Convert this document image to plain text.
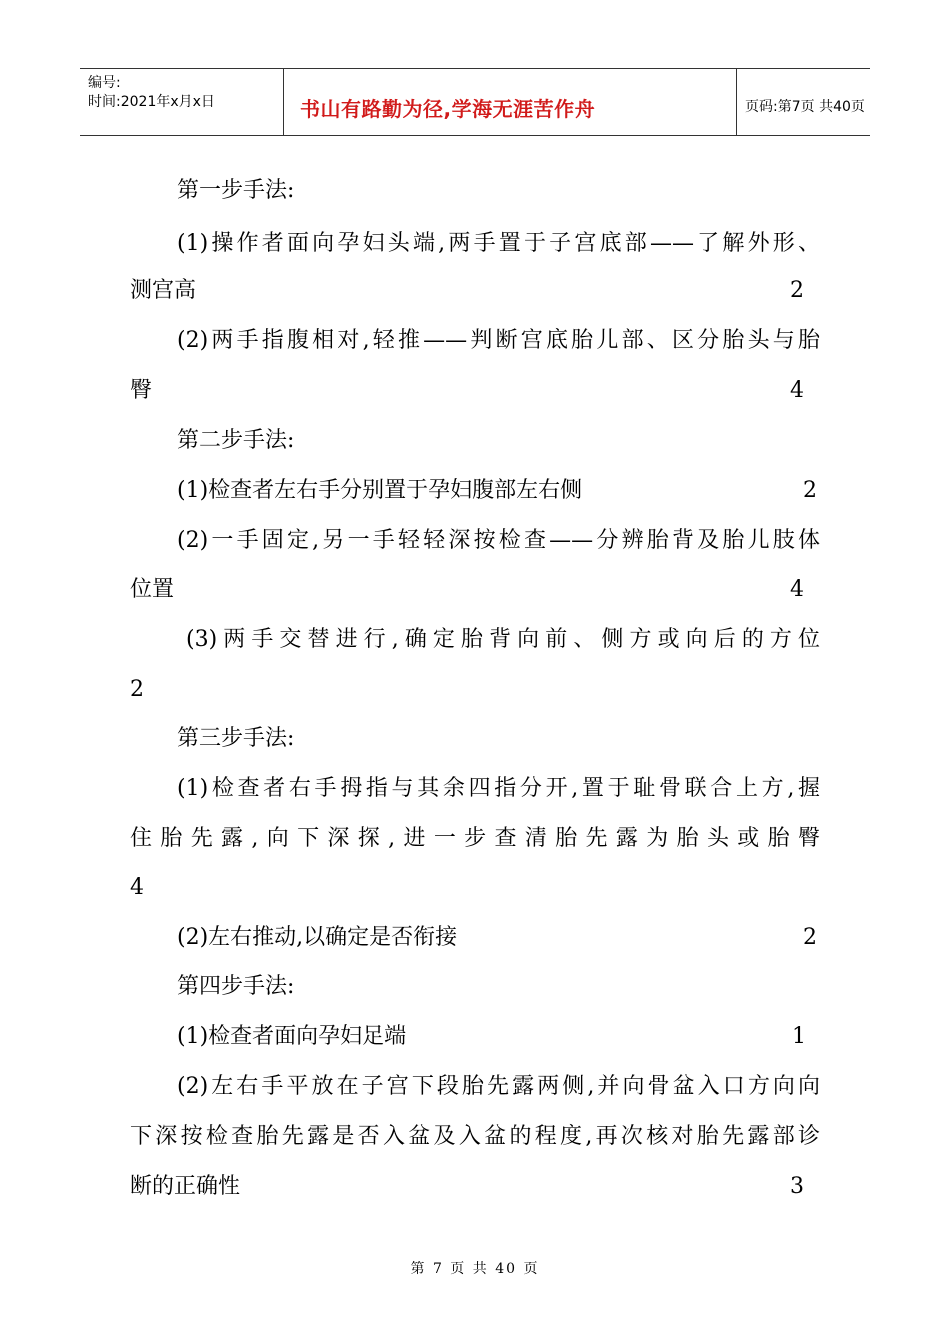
编号:
时间:2021年x月x日	书山有路勤为径,学海无涯苦作舟	页码:第7页 共40页
第一步手法:
(1)操作者面向孕妇头端,两手置于子宫底部——了解外形、
测宫高	2
(2)两手指腹相对,轻推——判断宫底胎儿部、区分胎头与胎
臀	4
第二步手法:
(1)检查者左右手分别置于孕妇腹部左右侧	2
(2)一手固定,另一手轻轻深按检查——分辨胎背及胎儿肢体
位置	4
(3)两手交替进行,确定胎背向前、侧方或向后的方位
2
第三步手法:
(1)检查者右手拇指与其余四指分开,置于耻骨联合上方,握
住胎先露,向下深探,进一步查清胎先露为胎头或胎臀
4
(2)左右推动,以确定是否衔接	2
第四步手法:
(1)检查者面向孕妇足端	1
(2)左右手平放在子宫下段胎先露两侧,并向骨盆入口方向向
下深按检查胎先露是否入盆及入盆的程度,再次核对胎先露部诊
断的正确性	3
第 7 页 共 40 页
